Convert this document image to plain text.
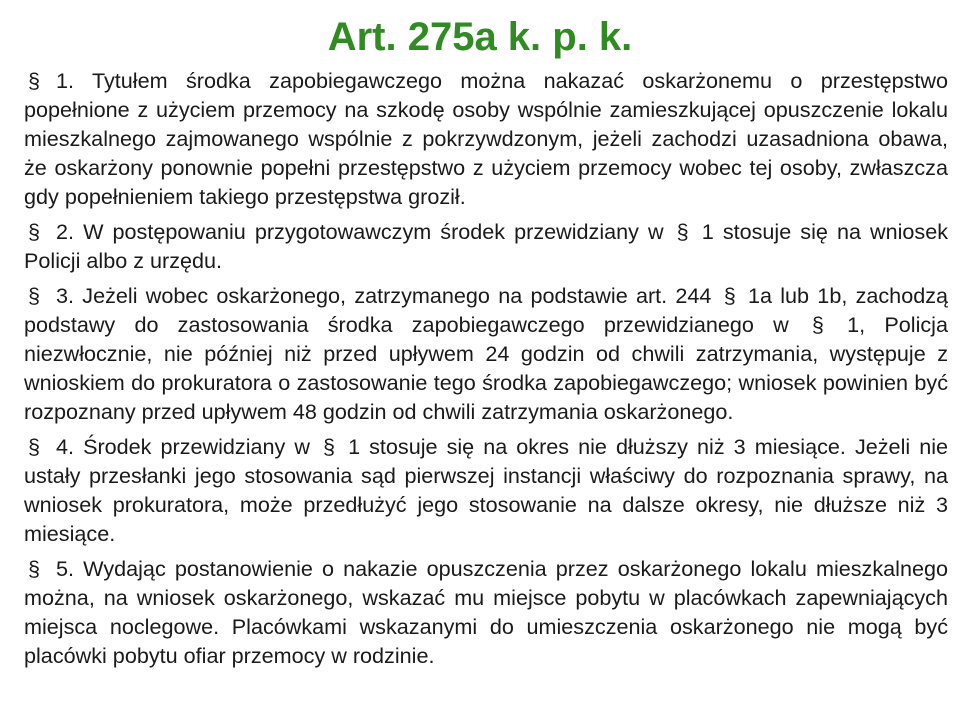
Art. 275a k. p. k.

§ 1. Tytułem środka zapobiegawczego można nakazać oskarżonemu o przestępstwo popełnione z użyciem przemocy na szkodę osoby wspólnie zamieszkującej opuszczenie lokalu mieszkalnego zajmowanego wspólnie z pokrzywdzonym, jeżeli zachodzi uzasadniona obawa, że oskarżony ponownie popełni przestępstwo z użyciem przemocy wobec tej osoby, zwłaszcza gdy popełnieniem takiego przestępstwa groził.

§ 2. W postępowaniu przygotowawczym środek przewidziany w § 1 stosuje się na wniosek Policji albo z urzędu.

§ 3. Jeżeli wobec oskarżonego, zatrzymanego na podstawie art. 244 § 1a lub 1b, zachodzą podstawy do zastosowania środka zapobiegawczego przewidzianego w § 1, Policja niezwłocznie, nie później niż przed upływem 24 godzin od chwili zatrzymania, występuje z wnioskiem do prokuratora o zastosowanie tego środka zapobiegawczego; wniosek powinien być rozpoznany przed upływem 48 godzin od chwili zatrzymania oskarżonego.

§ 4. Środek przewidziany w § 1 stosuje się na okres nie dłuższy niż 3 miesiące. Jeżeli nie ustały przesłanki jego stosowania sąd pierwszej instancji właściwy do rozpoznania sprawy, na wniosek prokuratora, może przedłużyć jego stosowanie na dalsze okresy, nie dłuższe niż 3 miesiące.

§ 5. Wydając postanowienie o nakazie opuszczenia przez oskarżonego lokalu mieszkalnego można, na wniosek oskarżonego, wskazać mu miejsce pobytu w placówkach zapewniających miejsca noclegowe. Placówkami wskazanymi do umieszczenia oskarżonego nie mogą być placówki pobytu ofiar przemocy w rodzinie.
